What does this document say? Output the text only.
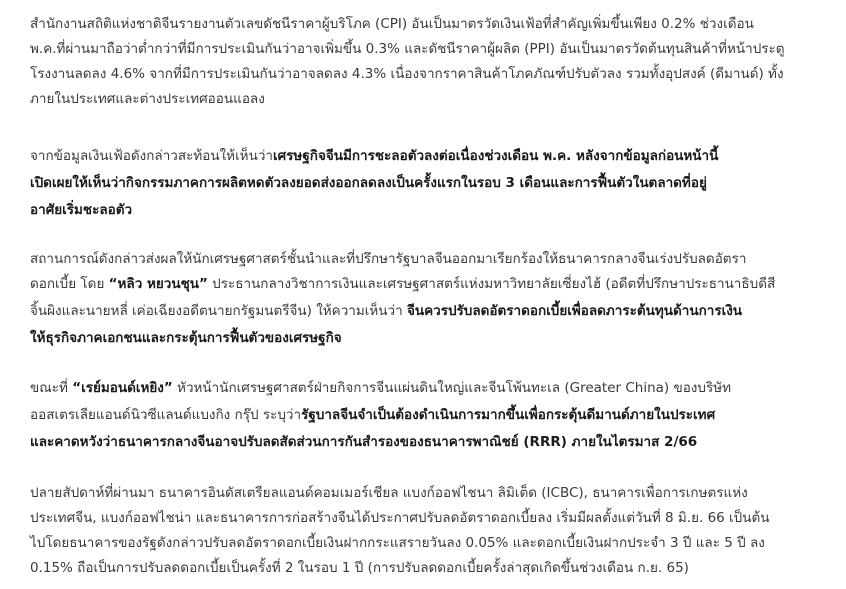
สำนักงานสถิติแห่งชาติจีนรายงานตัวเลขดัชนีราคาผู้บริโภค (CPI) อันเป็นมาตรวัดเงินเฟ้อที่สำคัญเพิ่มขึ้นเพียง 0.2% ช่วงเดือน
พ.ค.ที่ผ่านมาถือว่าต่ำกว่าที่มีการประเมินกันว่าอาจเพิ่มขึ้น 0.3% และดัชนีราคาผู้ผลิต (PPI) อันเป็นมาตรวัดต้นทุนสินค้าที่หน้าประตู
โรงงานลดลง 4.6% จากที่มีการประเมินกันว่าอาจลดลง 4.3% เนื่องจากราคาสินค้าโภคภัณฑ์ปรับตัวลง รวมทั้งอุปสงค์ (ดีมานด์) ทั้ง
ภายในประเทศและต่างประเทศออนแอลง

จากข้อมูลเงินเฟ้อดังกล่าวสะท้อนให้เห็นว่าเศรษฐกิจจีนมีการชะลอตัวลงต่อเนื่องช่วงเดือน พ.ค. หลังจากข้อมูลก่อนหน้านี้
เปิดเผยให้เห็นว่ากิจกรรมภาคการผลิตหดตัวลงยอดส่งออกลดลงเป็นครั้งแรกในรอบ 3 เดือนและการฟื้นตัวในตลาดที่อยู่
อาศัยเริ่มชะลอตัว

สถานการณ์ดังกล่าวส่งผลให้นักเศรษฐศาสตร์ชั้นนำและที่ปรึกษารัฐบาลจีนออกมาเรียกร้องให้ธนาคารกลางจีนเร่งปรับลดอัตรา
ดอกเบี้ย โดย “หลิว หยวนชุน” ประธานกลางวิชาการเงินและเศรษฐศาสตร์แห่งมหาวิทยาลัยเซี่ยงไฮ้ (อดีตที่ปรึกษาประธานาธิบดีสี
จิ้นผิงและนายหลี่ เค่อเฉียงอดีตนายกรัฐมนตรีจีน) ให้ความเห็นว่า จีนควรปรับลดอัตราดอกเบี้ยเพื่อลดภาระต้นทุนด้านการเงิน
ให้ธุรกิจภาคเอกชนและกระตุ้นการฟื้นตัวของเศรษฐกิจ

ขณะที่ “เรย์มอนด์เหยิง” หัวหน้านักเศรษฐศาสตร์ฝ่ายกิจการจีนแผ่นดินใหญ่และจีนโพ้นทะเล (Greater China) ของบริษัท
ออสเตรเลียแอนด์นิวซีแลนด์แบงกิง กรุ๊ป ระบุว่ารัฐบาลจีนจำเป็นต้องดำเนินการมากขึ้นเพื่อกระตุ้นดีมานด์ภายในประเทศ
และคาดหวังว่าธนาคารกลางจีนอาจปรับลดสัดส่วนการกันสำรองของธนาคารพาณิชย์ (RRR) ภายในไตรมาส 2/66

ปลายสัปดาห์ที่ผ่านมา ธนาคารอินดัสเตรียลแอนด์คอมเมอร์เชียล แบงก์ออฟไชนา ลิมิเต็ด (ICBC), ธนาคารเพื่อการเกษตรแห่ง
ประเทศจีน, แบงก์ออฟไชน่า และธนาคารการก่อสร้างจีนได้ประกาศปรับลดอัตราดอกเบี้ยลง เริ่มมีผลตั้งแต่วันที่ 8 มิ.ย. 66 เป็นต้น
ไปโดยธนาคารของรัฐดังกล่าวปรับลดอัตราดอกเบี้ยเงินฝากกระแสรายวันลง 0.05% และดอกเบี้ยเงินฝากประจำ 3 ปี และ 5 ปี ลง
0.15% ถือเป็นการปรับลดดอกเบี้ยเป็นครั้งที่ 2 ในรอบ 1 ปี (การปรับลดดอกเบี้ยครั้งล่าสุดเกิดขึ้นช่วงเดือน ก.ย. 65)
